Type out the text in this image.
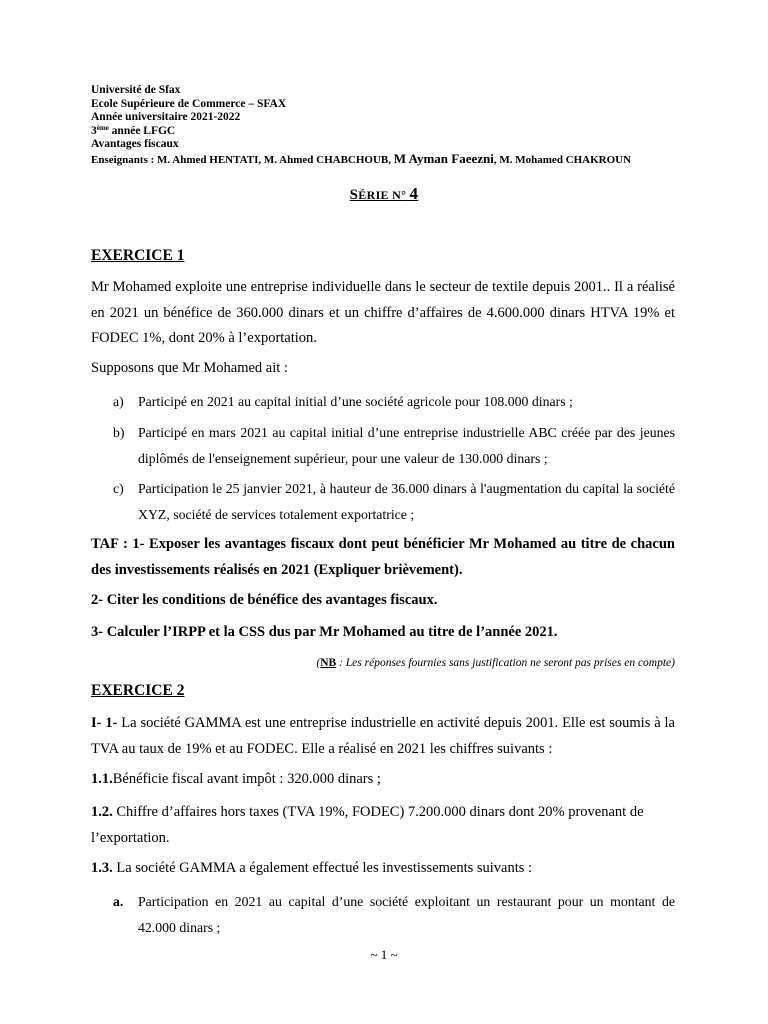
Université de Sfax
Ecole Supérieure de Commerce – SFAX
Année universitaire 2021-2022
3ème année LFGC
Avantages fiscaux
Enseignants : M. Ahmed HENTATI, M. Ahmed CHABCHOUB, M Ayman Faeezni, M. Mohamed CHAKROUN
SÉRIE N° 4
EXERCICE 1
Mr Mohamed exploite une entreprise individuelle dans le secteur de textile depuis 2001.. Il a réalisé en 2021 un bénéfice de 360.000 dinars et un chiffre d’affaires de 4.600.000 dinars HTVA 19% et FODEC 1%, dont 20% à l’exportation.
Supposons que Mr Mohamed ait :
a) Participé en 2021 au capital initial d’une société agricole pour 108.000 dinars ;
b) Participé en mars 2021 au capital initial d’une entreprise industrielle ABC créée par des jeunes diplômés de l'enseignement supérieur, pour une valeur de 130.000 dinars ;
c) Participation le 25 janvier 2021, à hauteur de 36.000 dinars à l'augmentation du capital la société XYZ, société de services totalement exportatrice ;
TAF : 1- Exposer les avantages fiscaux dont peut bénéficier Mr Mohamed au titre de chacun des investissements réalisés en 2021 (Expliquer brièvement).
2- Citer les conditions de bénéfice des avantages fiscaux.
3- Calculer l’IRPP et la CSS dus par Mr Mohamed au titre de l’année 2021.
(NB : Les réponses fournies sans justification ne seront pas prises en compte)
EXERCICE 2
I- 1- La société GAMMA est une entreprise industrielle en activité depuis 2001. Elle est soumis à la TVA au taux de 19% et au FODEC. Elle a réalisé en 2021 les chiffres suivants :
1.1.Bénéficie fiscal avant impôt : 320.000 dinars ;
1.2. Chiffre d’affaires hors taxes (TVA 19%, FODEC) 7.200.000 dinars dont 20% provenant de l’exportation.
1.3. La société GAMMA a également effectué les investissements suivants :
a. Participation en 2021 au capital d’une société exploitant un restaurant pour un montant de 42.000 dinars ;
~ 1 ~
